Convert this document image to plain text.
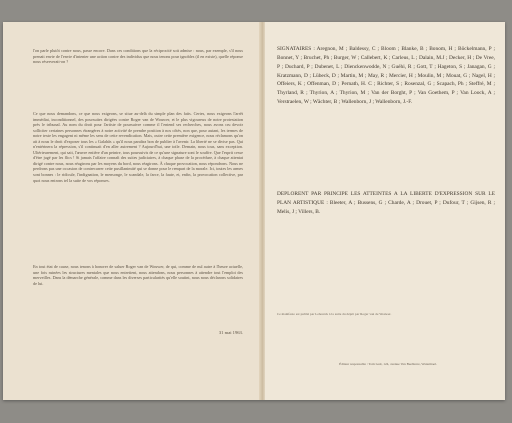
l'on parle plutôt contre nous, passe encore. Dans ces conditions que la réciprocité soit admise : nous, par exemple, s'il nous prenait envie de l'envie d'intenter une action contre des individus que nous tenons pour ignobles (il en existe), quelle réponse nous réserverait-on ?

Ce que nous demandons, ce que nous exigeons, se situe au-delà du simple plan des faits. Certes, nous exigeons l'arrêt immédiat, inconditionnel, des poursuites dirigées contre Roger van de Wouwer, et le plus vigoureux de notre protestation près le tribunal. Au nom du droit pour l'artiste de poursuivre comme il l'entend ses recherches, nous avons cru devoir solliciter certaines personnes étrangères à notre activité de prendre position à nos côtés, non que, pour autant, les termes de notre texte les engagent ni même les sens de cette revendication. Mais, outre cette première exigence, nous réclamons qu'on ait à nous le droit d'exposer tous les « Galahâs » qu'il nous paraîtra bon de publier à l'avenir. La liberté ne se divise pas. Qui n'entérinera la répression, s'il continuait d'en aller autrement ? Aujourd'hui, une toile. Demain, nous tous, sans exception. Ultérieurement, qui sait, l'œuvre entière d'un peintre, tous poursuivis de ce qu'une signature sont le souffre. Que l'esprit cesse d'être jugé par les flics ! Si jamais l'affaire connaît des suites judiciaires, à chaque phase de la procédure, à chaque attentat dirigé contre nous, nous réagirons par les moyens du bord, nous réagirons. À chaque provocation, nous répondrons. Nous ne perdrons pas une occasion de contrecarrer cette pusillanimité qui se donne pour le rempart de la morale. Ici, toutes les armes sont bonnes : le ridicule, l'indignation, le mensonge, le scandale, la farce, la faute, et, enfin, la provocation collective, par quoi nous entrons tel la suite de vos réponses.

En tout état de cause, nous tenons à honorer de saluer Roger van de Wouwer, de qui, comme de nul autre à l'heure actuelle, une fois ruinées les structures mentales que nous entretient, nous attendons, nous personnes à attendre tout l'emploi des merveilles. Dans la démarche générale, comme dans les diverses particularités qu'elle soutint, nous nous déclarons solidaires de lui.

31 mai 1963.

SIGNATAIRES : Aregnon, M ; Baldessy, C ; Bloom ; Blanke, B ; Bonom, H ; Böckelmann, P ; Bonnet, Y ; Bruchet, Ph ; Burger, W ; Callebert, K ; Carleus, L ; Dalain, M.J ; Decker, H ; De Vree, P ; Duchard, P ; Dubenet, L ; Dienckenwodde, N ; Guéhi, R ; Gott, T ; Hageton, S ; Janagan, G ; Kratzmann, D ; Lübeck, D ; Martin, M ; May, R ; Mercier, H ; Moulin, M ; Mouat, G ; Nagel, H ; Offeiers, K ; Offenman, D ; Pernath, H. C ; Richter, S ; Rosenzal, G ; Scapach, Ph ; Steffré, M ; Thyrland, R ; Thyrion, A ; Thyrion, M ; Van der Borght, P ; Van Goethem, P ; Van Loock, A ; Verstraelen, W ; Wächter, B ; Wallenborn, J ; Wallenborn, J.-F.

DEPLORENT PAR PRINCIPE LES ATTEINTES A LA LIBERTE D'EXPRESSION SUR LE PLAN ARTISTIQUE : Bleeter, A ; Bussens, G ; Charde, A ; Drouet, P ; Dufour, T ; Gijsen, R ; Melis, J ; Villers, B.

Ce manifeste est publié par Lebeurck à la suite du dépôt par Roger van de Wouwer.

Éditeur responsable : Tom Gutt, 124, avenue Van Beeblerre, Watermael.
